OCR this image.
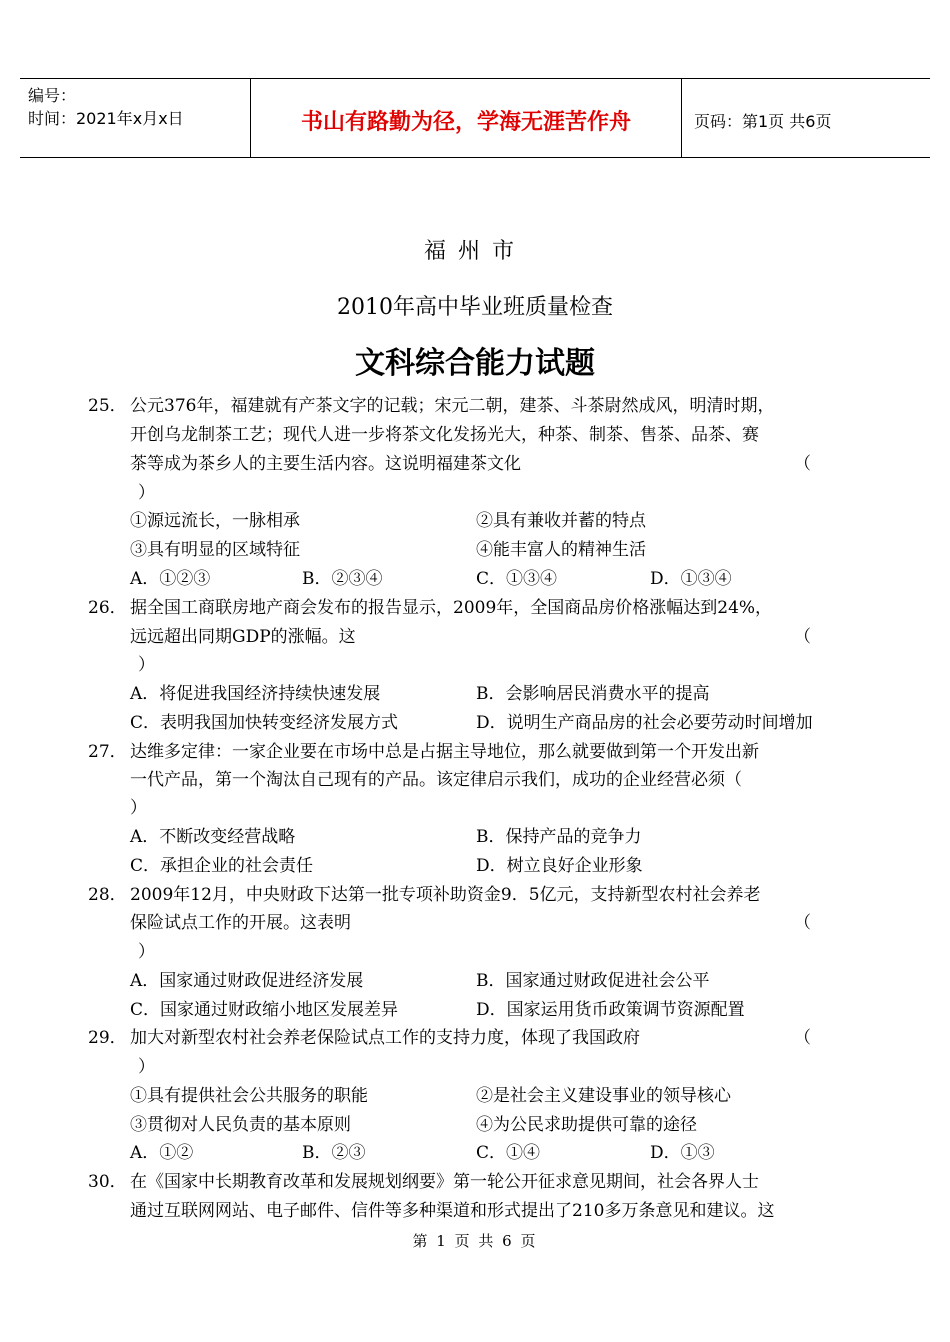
编号：
时间：2021年x月x日	书山有路勤为径，学海无涯苦作舟	页码：第1页 共6页
福州市
2010年高中毕业班质量检查
文科综合能力试题
25． 公元376年，福建就有产茶文字的记载；宋元二朝，建茶、斗茶尉然成风，明清时期，
开创乌龙制茶工艺；现代人进一步将茶文化发扬光大，种茶、制茶、售茶、品茶、赛
茶等成为茶乡人的主要生活内容。这说明福建茶文化	（
）
①源远流长，一脉相承	②具有兼收并蓄的特点
③具有明显的区域特征	④能丰富人的精神生活
A．①②③	B．②③④	C．①③④	D．①③④
26． 据全国工商联房地产商会发布的报告显示，2009年，全国商品房价格涨幅达到24%，
远远超出同期GDP的涨幅。这	（
）
A．将促进我国经济持续快速发展	B．会影响居民消费水平的提高
C．表明我国加快转变经济发展方式	D．说明生产商品房的社会必要劳动时间增加
27． 达维多定律：一家企业要在市场中总是占据主导地位，那么就要做到第一个开发出新
一代产品，第一个淘汰自己现有的产品。该定律启示我们，成功的企业经营必须（
）
A．不断改变经营战略	B．保持产品的竞争力
C．承担企业的社会责任	D．树立良好企业形象
28． 2009年12月，中央财政下达第一批专项补助资金9．5亿元，支持新型农村社会养老
保险试点工作的开展。这表明	（
）
A．国家通过财政促进经济发展	B．国家通过财政促进社会公平
C．国家通过财政缩小地区发展差异	D．国家运用货币政策调节资源配置
29． 加大对新型农村社会养老保险试点工作的支持力度，体现了我国政府	（
）
①具有提供社会公共服务的职能	②是社会主义建设事业的领导核心
③贯彻对人民负责的基本原则	④为公民求助提供可靠的途径
A．①②	B．②③	C．①④	D．①③
30． 在《国家中长期教育改革和发展规划纲要》第一轮公开征求意见期间，社会各界人士
通过互联网网站、电子邮件、信件等多种渠道和形式提出了210多万条意见和建议。这
第 1 页 共 6 页
